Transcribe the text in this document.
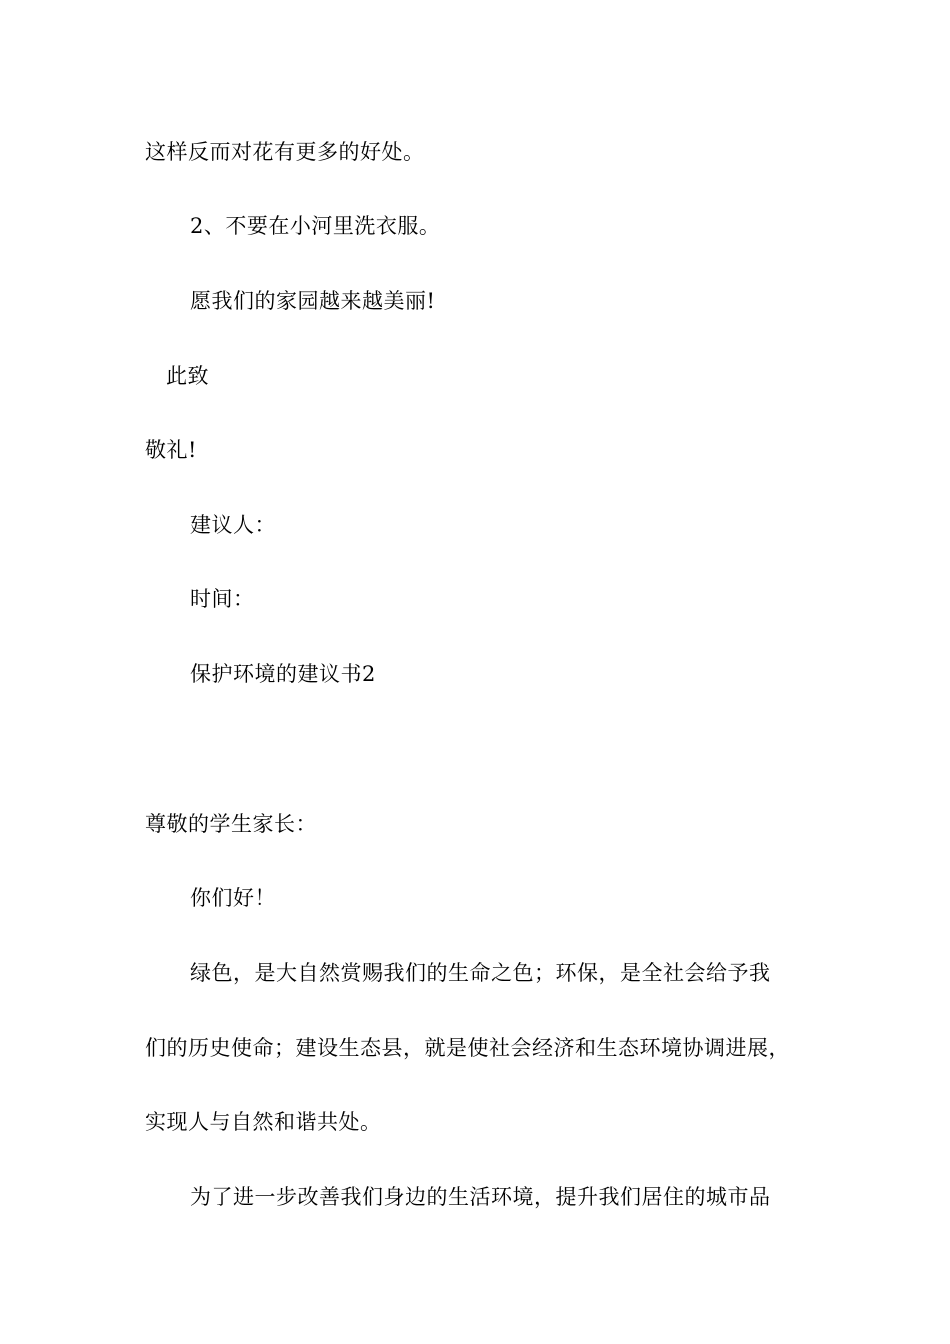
这样反而对花有更多的好处。
2、不要在小河里洗衣服。
愿我们的家园越来越美丽!
此致
敬礼!
建议人：
时间：
保护环境的建议书2
尊敬的学生家长：
你们好！
绿色，是大自然赏赐我们的生命之色；环保，是全社会给予我
们的历史使命；建设生态县，就是使社会经济和生态环境协调进展，
实现人与自然和谐共处。
为了进一步改善我们身边的生活环境，提升我们居住的城市品
